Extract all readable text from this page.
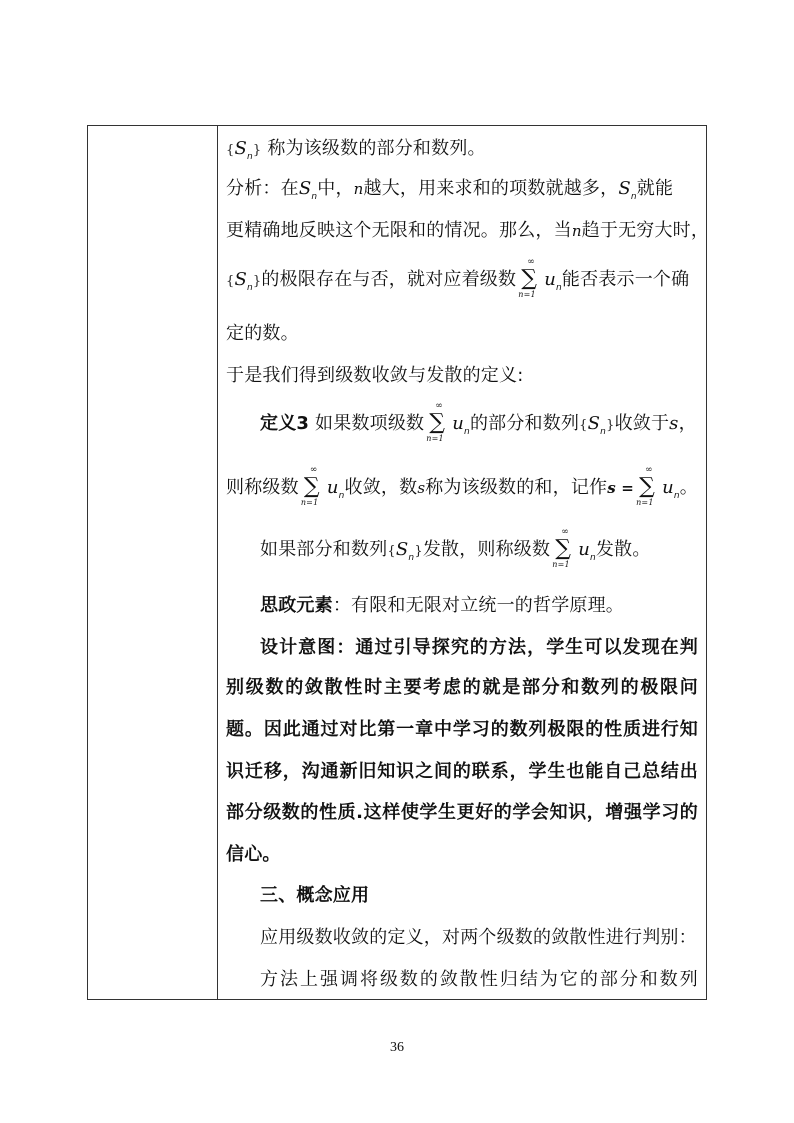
$\{S_n\}$ 称为该级数的部分和数列。
分析：在$S_n$中，n越大，用来求和的项数就越多，$S_n$就能
更精确地反映这个无限和的情况。那么，当n趋于无穷大时，
$\{S_n\}$的极限存在与否，就对应着级数
∞
∑
n=1
$u_n$能否表示一个确
定的数。
于是我们得到级数收敛与发散的定义:
定义3 如果数项级数
∞
∑
n=1
$u_n$的部分和数列$\{S_n\}$收敛于s，
则称级数
∞
∑
n=1
$u_n$收敛，数s称为该级数的和，记作s =
∞
∑
n=1
$u_n$。
如果部分和数列$\{S_n\}$发散，则称级数
∞
∑
n=1
$u_n$发散。
思政元素：有限和无限对立统一的哲学原理。
设计意图：通过引导探究的方法，学生可以发现在判
别级数的敛散性时主要考虑的就是部分和数列的极限问
题。因此通过对比第一章中学习的数列极限的性质进行知
识迁移，沟通新旧知识之间的联系，学生也能自己总结出
部分级数的性质.这样使学生更好的学会知识，增强学习的
信心。
三、概念应用
应用级数收敛的定义，对两个级数的敛散性进行判别：
方法上强调将级数的敛散性归结为它的部分和数列
36
